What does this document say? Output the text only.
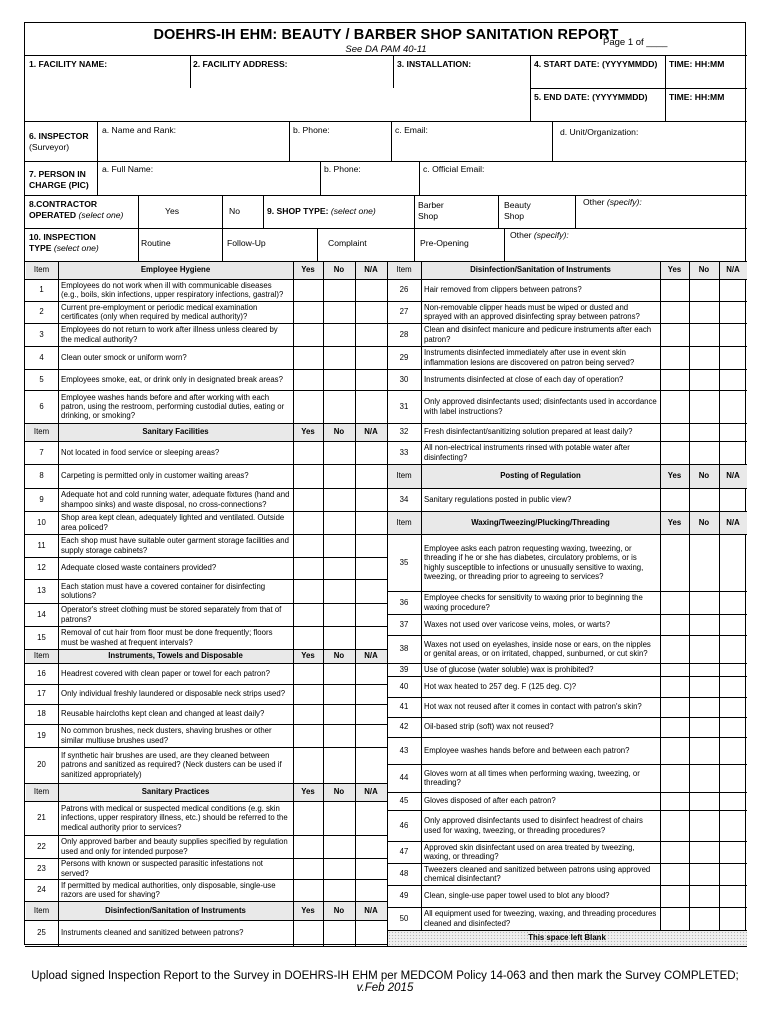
DOEHRS-IH EHM: BEAUTY / BARBER SHOP SANITATION REPORT
See DA PAM 40-11
Page 1 of ____
1. FACILITY NAME:	2. FACILITY ADDRESS:	3. INSTALLATION:	4. START DATE: (YYYYMMDD) TIME: HH:MM
5. END DATE: (YYYYMMDD)	TIME: HH:MM
6. INSPECTOR
(Surveyor)
a. Name and Rank:	b. Phone:	c. Email:	d. Unit/Organization:
7. PERSON IN
CHARGE (PIC)
a. Full Name:	b. Phone:	c. Official Email:
8.CONTRACTOR
OPERATED (select one)	Yes	No	9. SHOP TYPE: (select one)
Barber
Shop
Beauty
Shop
Other (specify):
10. INSPECTION
TYPE (select one)	Routine	Follow-Up	Complaint	Pre-Opening
Other (specify):
Item	Employee Hygiene	Yes	No	N/A
1
Employees do not work when ill with communicable diseases (e.g., boils, skin infections, upper respiratory infections, gastral)?
2
Current pre-employment or periodic medical examination certificates (only when required by medical authority)?
3
Employees do not return to work after illness unless cleared by the medical authority?
4	Clean outer smock or uniform worn?
5	Employees smoke, eat, or drink only in designated break areas?
6
Employee washes hands before and after working with each patron, using the restroom, performing custodial duties, eating or drinking, or smoking?
Item	Sanitary Facilities	Yes	No	N/A
7	Not located in food service or sleeping areas?
8	Carpeting is permitted only in customer waiting areas?
9
Adequate hot and cold running water, adequate fixtures (hand and shampoo sinks) and waste disposal, no cross-connections?
10
Shop area kept clean, adequately lighted and ventilated. Outside area policed?
11
Each shop must have suitable outer garment storage facilities and supply storage cabinets?
12	Adequate closed waste containers provided?
13
Each station must have a covered container for disinfecting solutions?
14
Operator's street clothing must be stored separately from that of patrons?
15
Removal of cut hair from floor must be done frequently; floors must be washed at frequent intervals?
Item	Instruments, Towels and Disposable	Yes	No	N/A
16	Headrest covered with clean paper or towel for each patron?
17	Only individual freshly laundered or disposable neck strips used?
18	Reusable haircloths kept clean and changed at least daily?
19
No common brushes, neck dusters, shaving brushes or other similar multiuse brushes used?
20
If synthetic hair brushes are used, are they cleaned between patrons and sanitized as required? (Neck dusters can be used if sanitized appropriately)
Item	Sanitary Practices	Yes	No	N/A
21
Patrons with medical or suspected medical conditions (e.g. skin infections, upper respiratory illness, etc.) should be referred to the medical authority prior to services?
22
Only approved barber and beauty supplies specified by regulation used and only for intended purpose?
23
Persons with known or suspected parasitic infestations not served?
24
If permitted by medical authorities, only disposable, single-use razors are used for shaving?
Item	Disinfection/Sanitation of Instruments	Yes	No	N/A
25	Instruments cleaned and sanitized between patrons?
Item	Disinfection/Sanitation of Instruments	Yes	No	N/A
26	Hair removed from clippers between patrons?
27
Non-removable clipper heads must be wiped or dusted and sprayed with an approved disinfecting spray between patrons?
28
Clean and disinfect manicure and pedicure instruments after each patron?
29
Instruments disinfected immediately after use in event skin inflammation lesions are discovered on patron being served?
30	Instruments disinfected at close of each day of operation?
31
Only approved disinfectants used; disinfectants used in accordance with label instructions?
32	Fresh disinfectant/sanitizing solution prepared at least daily?
33
All non-electrical instruments rinsed with potable water after disinfecting?
Item	Posting of Regulation	Yes	No	N/A
34	Sanitary regulations posted in public view?
Item	Waxing/Tweezing/Plucking/Threading	Yes	No	N/A
35
Employee asks each patron requesting waxing, tweezing, or threading if he or she has diabetes, circulatory problems, or is highly susceptible to infections or unusually sensitive to waxing, tweezing, or threading prior to agreeing to services?
36
Employee checks for sensitivity to waxing prior to beginning the waxing procedure?
37	Waxes not used over varicose veins, moles, or warts?
38
Waxes not used on eyelashes, inside nose or ears, on the nipples or genital areas, or on irritated, chapped, sunburned, or cut skin?
39	Use of glucose (water soluble) wax is prohibited?
40	Hot wax heated to 257 deg. F (125 deg. C)?
41	Hot wax not reused after it comes in contact with patron's skin?
42	Oil-based strip (soft) wax not reused?
43	Employee washes hands before and between each patron?
44
Gloves worn at all times when performing waxing, tweezing, or threading?
45	Gloves disposed of after each patron?
46
Only approved disinfectants used to disinfect headrest of chairs used for waxing, tweezing, or threading procedures?
47
Approved skin disinfectant used on area treated by tweezing, waxing, or threading?
48
Tweezers cleaned and sanitized between patrons using approved chemical disinfectant?
49	Clean, single-use paper towel used to blot any blood?
50
All equipment used for tweezing, waxing, and threading procedures cleaned and disinfected?
This space left Blank
Upload signed Inspection Report to the Survey in DOEHRS-IH EHM per MEDCOM Policy 14-063 and then mark the Survey COMPLETED; v.Feb 2015
